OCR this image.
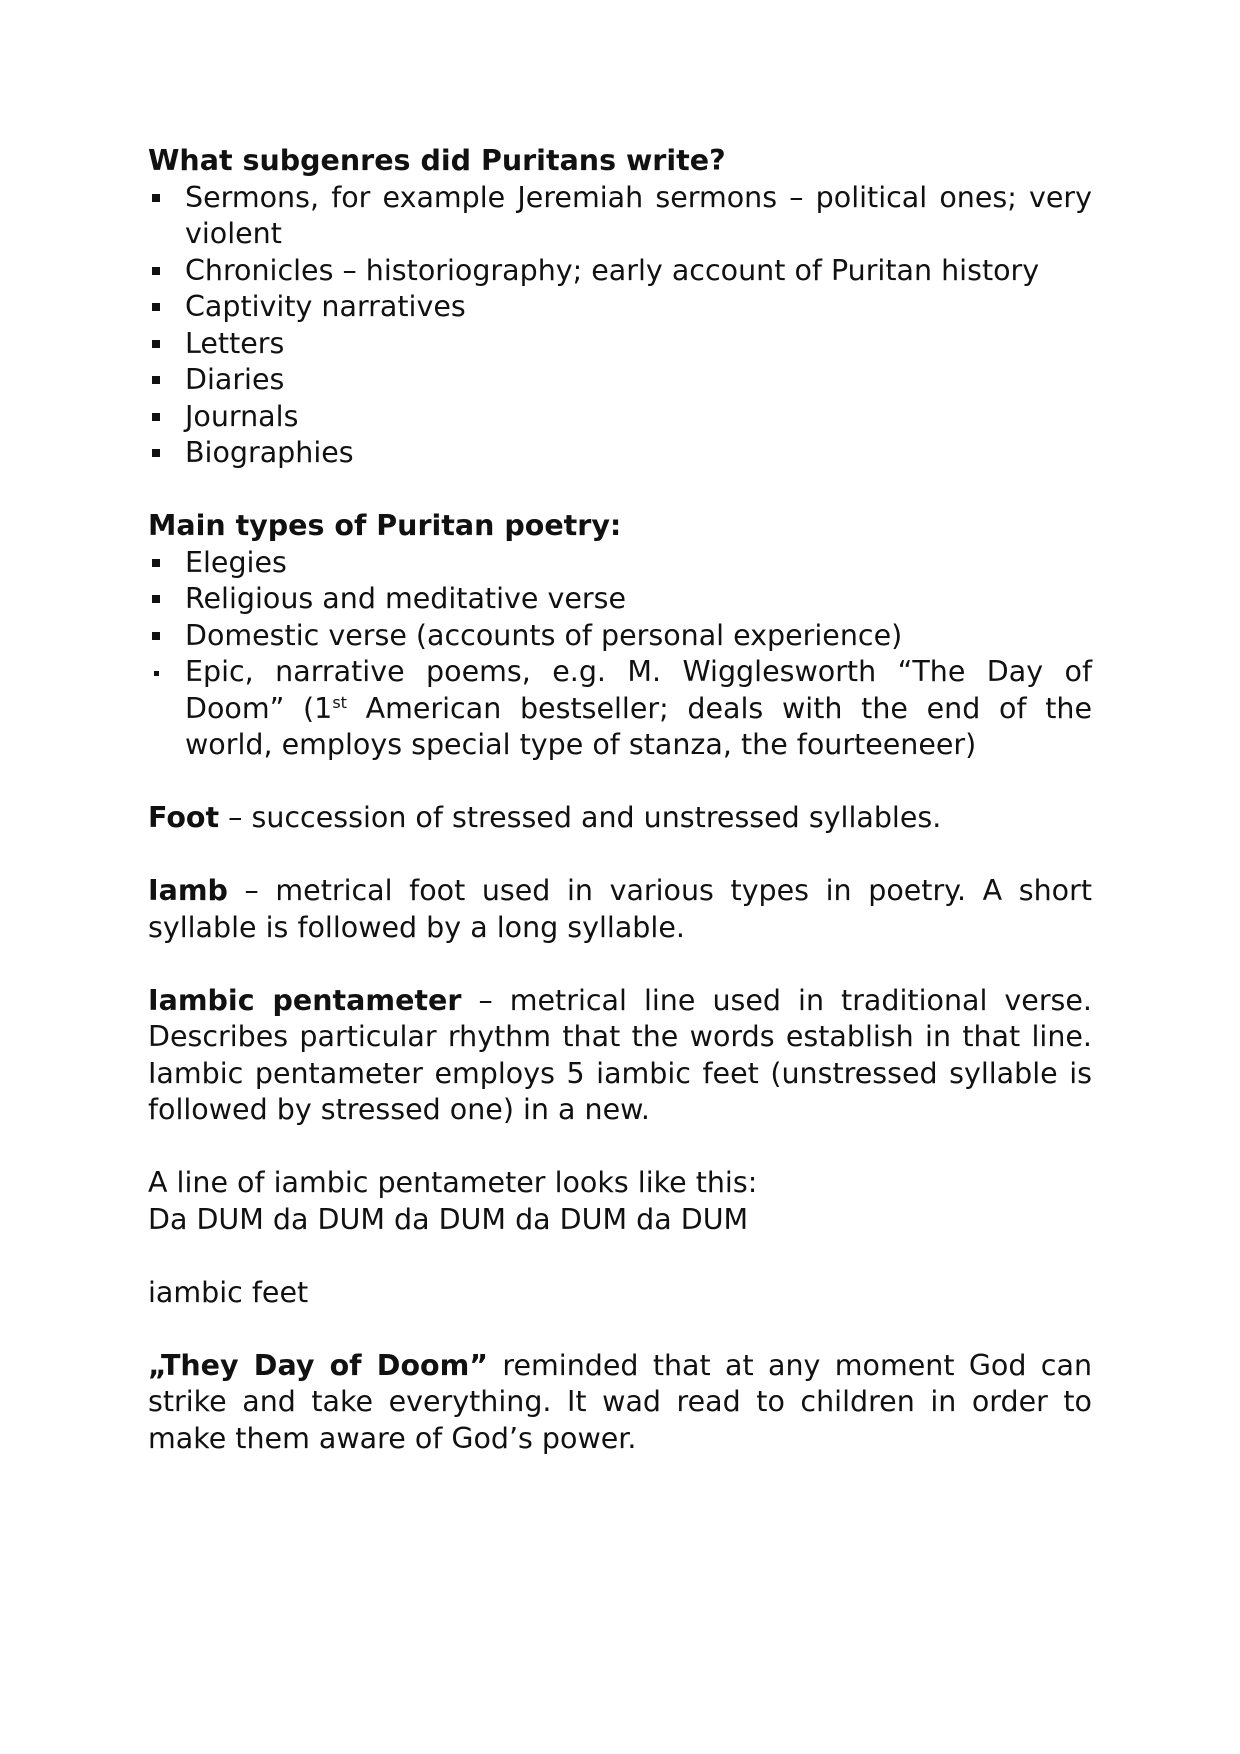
What subgenres did Puritans write?

Sermons, for example Jeremiah sermons – political ones; very violent
Chronicles – historiography; early account of Puritan history
Captivity narratives
Letters
Diaries
Journals
Biographies

Main types of Puritan poetry:

Elegies
Religious and meditative verse
Domestic verse (accounts of personal experience)
Epic, narrative poems, e.g. M. Wigglesworth “The Day of Doom” (1st American bestseller; deals with the end of the world, employs special type of stanza, the fourteeneer)

Foot – succession of stressed and unstressed syllables.

Iamb – metrical foot used in various types in poetry. A short syllable is followed by a long syllable.

Iambic pentameter – metrical line used in traditional verse. Describes particular rhythm that the words establish in that line. Iambic pentameter employs 5 iambic feet (unstressed syllable is followed by stressed one) in a new.

A line of iambic pentameter looks like this:

Da DUM da DUM da DUM da DUM da DUM

iambic feet

„They Day of Doom” reminded that at any moment God can strike and take everything. It wad read to children in order to make them aware of God’s power.
